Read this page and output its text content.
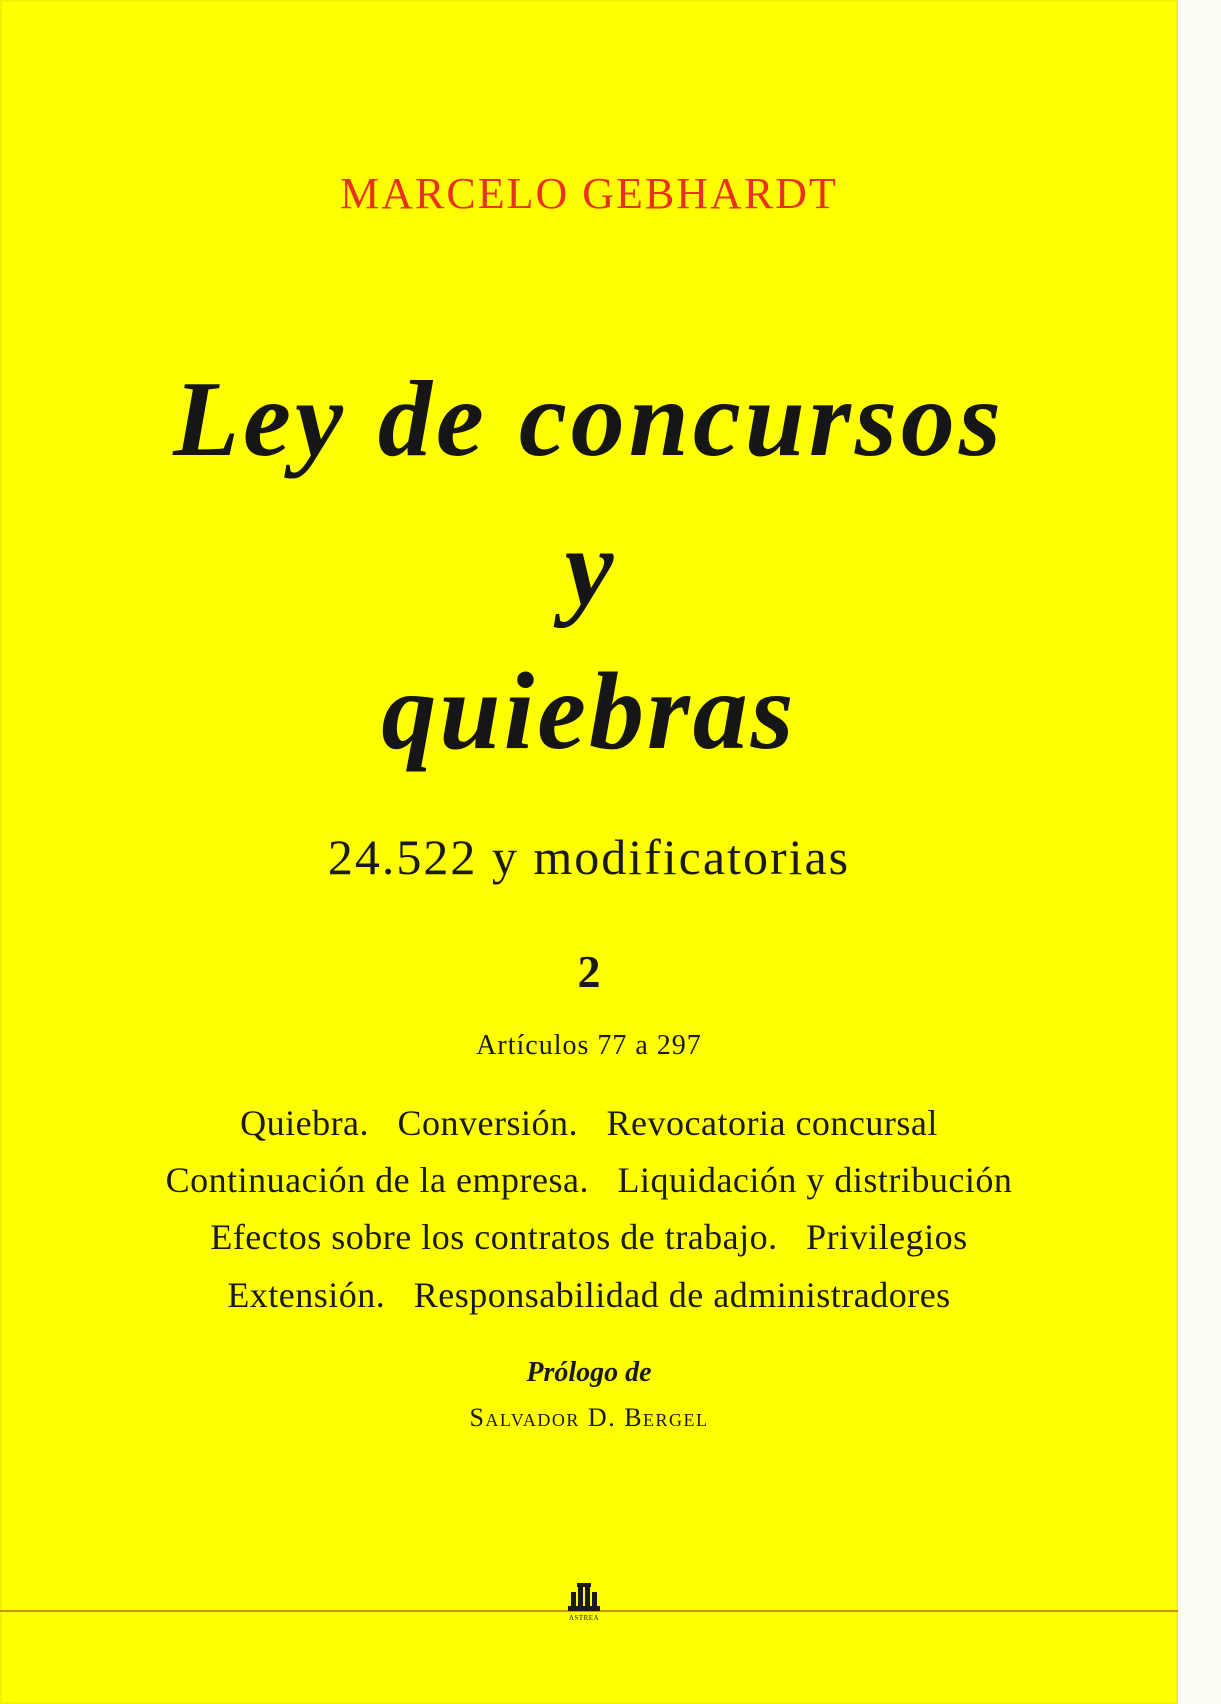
MARCELO GEBHARDT
Ley de concursos
y
quiebras
24.522 y modificatorias
2
Artículos 77 a 297
Quiebra.   Conversión.   Revocatoria concursal
Continuación de la empresa.   Liquidación y distribución
Efectos sobre los contratos de trabajo.   Privilegios
Extensión.   Responsabilidad de administradores
Prólogo de
Salvador D. Bergel
ASTREA
